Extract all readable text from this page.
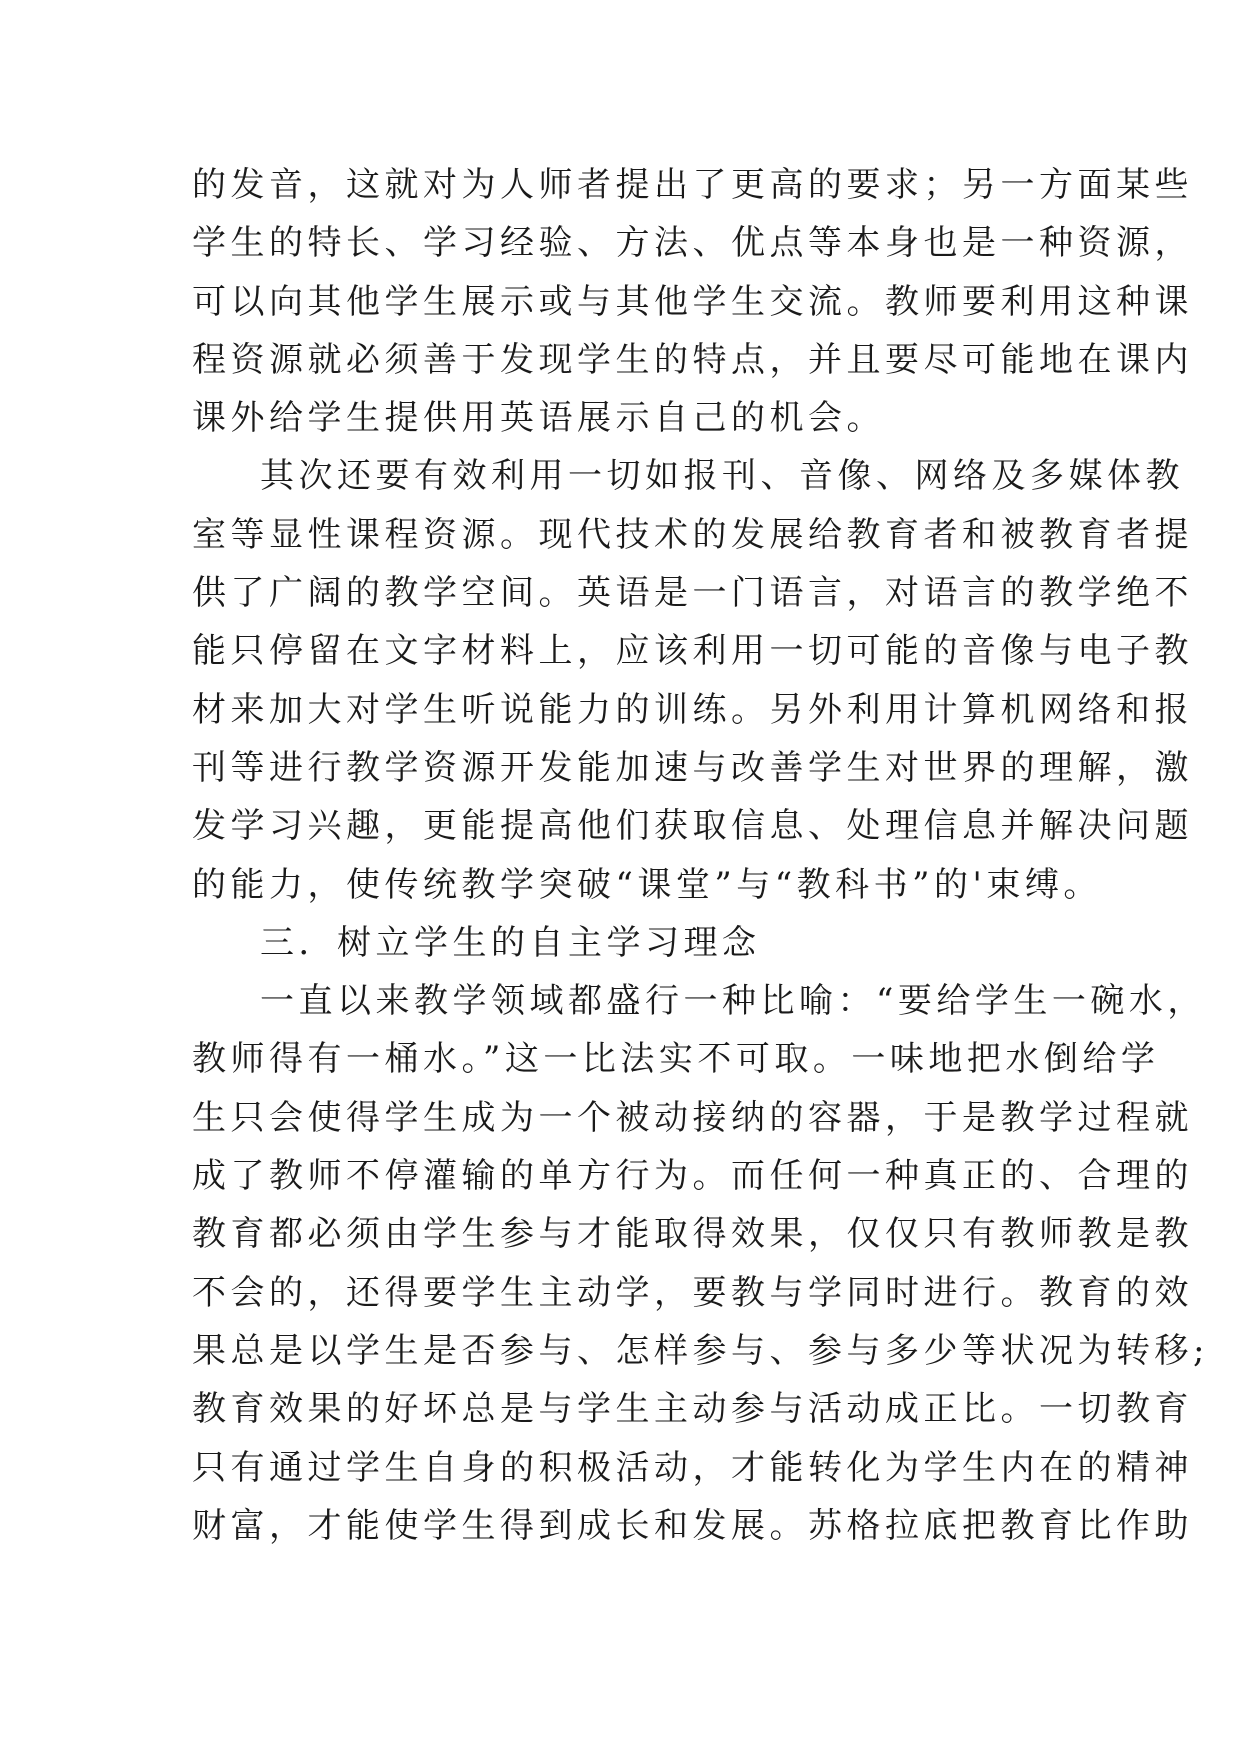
的发音，这就对为人师者提出了更高的要求；另一方面某些
学生的特长、学习经验、方法、优点等本身也是一种资源，
可以向其他学生展示或与其他学生交流。教师要利用这种课
程资源就必须善于发现学生的特点，并且要尽可能地在课内
课外给学生提供用英语展示自己的机会。
其次还要有效利用一切如报刊、音像、网络及多媒体教
室等显性课程资源。现代技术的发展给教育者和被教育者提
供了广阔的教学空间。英语是一门语言，对语言的教学绝不
能只停留在文字材料上，应该利用一切可能的音像与电子教
材来加大对学生听说能力的训练。另外利用计算机网络和报
刊等进行教学资源开发能加速与改善学生对世界的理解，激
发学习兴趣，更能提高他们获取信息、处理信息并解决问题
的能力，使传统教学突破“课堂”与“教科书”的'束缚。
三．树立学生的自主学习理念
一直以来教学领域都盛行一种比喻：“要给学生一碗水，
教师得有一桶水。”这一比法实不可取。一味地把水倒给学
生只会使得学生成为一个被动接纳的容器，于是教学过程就
成了教师不停灌输的单方行为。而任何一种真正的、合理的
教育都必须由学生参与才能取得效果，仅仅只有教师教是教
不会的，还得要学生主动学，要教与学同时进行。教育的效
果总是以学生是否参与、怎样参与、参与多少等状况为转移;
教育效果的好坏总是与学生主动参与活动成正比。一切教育
只有通过学生自身的积极活动，才能转化为学生内在的精神
财富，才能使学生得到成长和发展。苏格拉底把教育比作助
